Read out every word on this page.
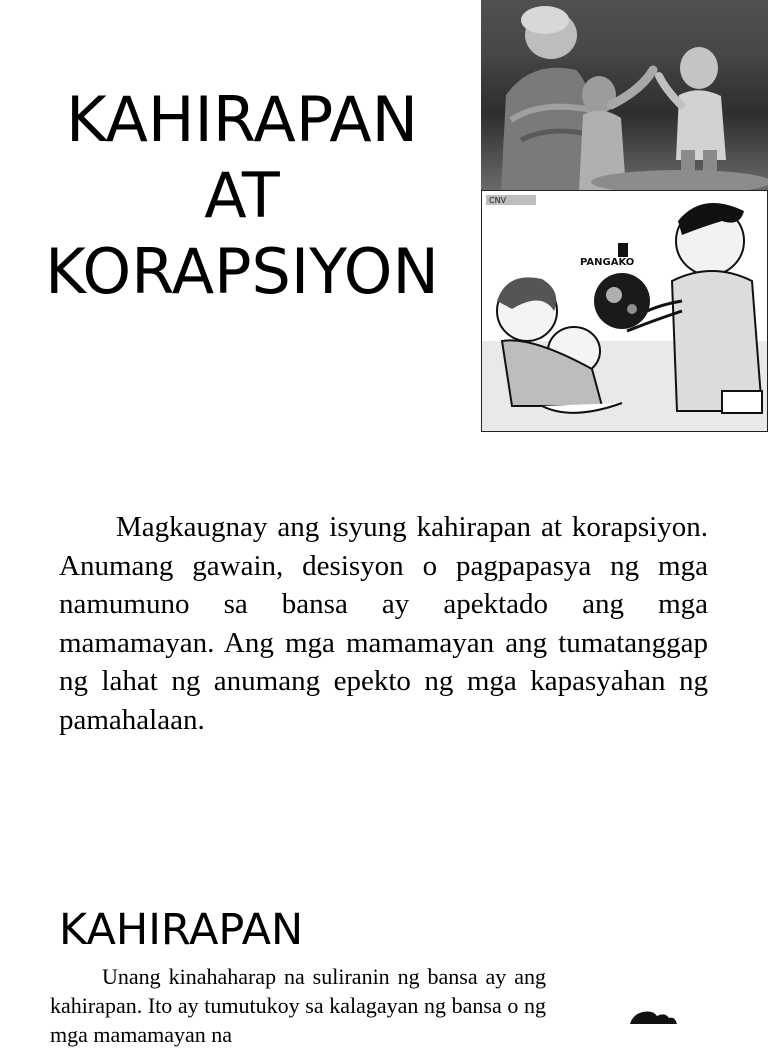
KAHIRAPAN
AT
KORAPSIYON
CNV
PANGAKO

Magkaugnay ang isyung kahirapan at korapsiyon. Anumang gawain, desisyon o pagpapasya ng mga namumuno sa bansa ay apektado ang mga mamamayan. Ang mga mamamayan ang tumatanggap ng lahat ng anumang epekto ng mga kapasyahan ng pamahalaan.

KAHIRAPAN

Unang kinahaharap na suliranin ng bansa ay ang kahirapan. Ito ay tumutukoy sa kalagayan ng bansa o ng mga mamamayan na
